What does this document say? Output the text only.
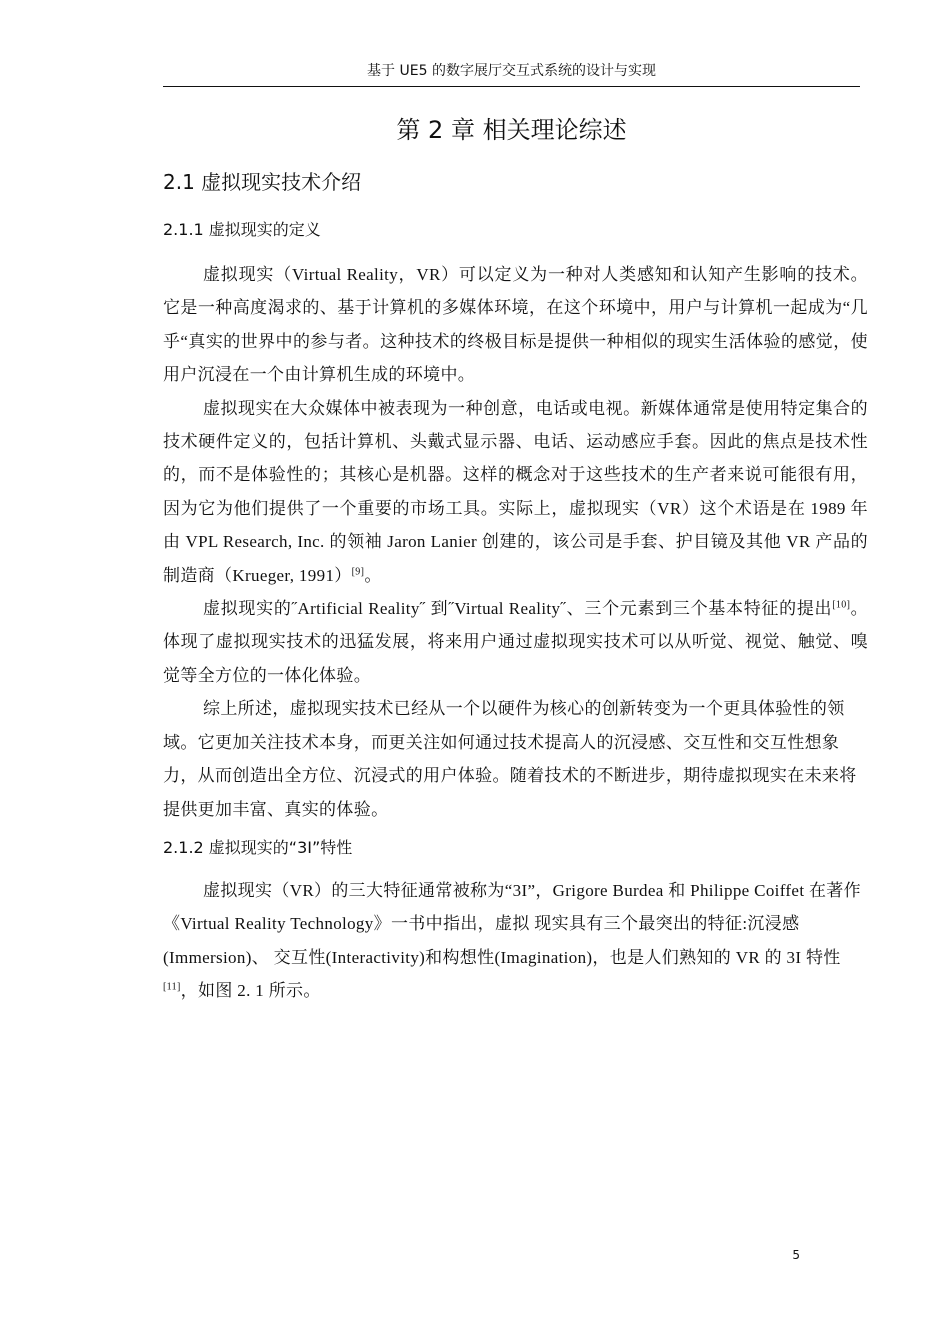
基于 UE5 的数字展厅交互式系统的设计与实现
第 2 章 相关理论综述
2.1 虚拟现实技术介绍
2.1.1 虚拟现实的定义

虚拟现实（Virtual Reality，VR）可以定义为一种对人类感知和认知产生影响的技术。它是一种高度渴求的、基于计算机的多媒体环境，在这个环境中，用户与计算机一起成为“几乎“真实的世界中的参与者。这种技术的终极目标是提供一种相似的现实生活体验的感觉，使用户沉浸在一个由计算机生成的环境中。

虚拟现实在大众媒体中被表现为一种创意，电话或电视。新媒体通常是使用特定集合的技术硬件定义的，包括计算机、头戴式显示器、电话、运动感应手套。因此的焦点是技术性的，而不是体验性的；其核心是机器。这样的概念对于这些技术的生产者来说可能很有用，因为它为他们提供了一个重要的市场工具。实际上，虚拟现实（VR）这个术语是在 1989 年由 VPL Research, Inc. 的领袖 Jaron Lanier 创建的，该公司是手套、护目镜及其他 VR 产品的制造商（Krueger, 1991）[9]。

虚拟现实的˝Artificial Reality˝ 到˝Virtual Reality˝、三个元素到三个基本特征的提出[10]。体现了虚拟现实技术的迅猛发展，将来用户通过虚拟现实技术可以从听觉、视觉、触觉、嗅觉等全方位的一体化体验。

综上所述，虚拟现实技术已经从一个以硬件为核心的创新转变为一个更具体验性的领域。它更加关注技术本身，而更关注如何通过技术提高人的沉浸感、交互性和交互性想象力，从而创造出全方位、沉浸式的用户体验。随着技术的不断进步，期待虚拟现实在未来将提供更加丰富、真实的体验。

2.1.2 虚拟现实的“3I”特性

虚拟现实（VR）的三大特征通常被称为“3I”，Grigore Burdea 和 Philippe Coiffet 在著作《Virtual Reality Technology》一书中指出，虚拟 现实具有三个最突出的特征:沉浸感(Immersion)、 交互性(Interactivity)和构想性(Imagination)，也是人们熟知的 VR 的 3I 特性[11]，如图 2. 1 所示。

5
